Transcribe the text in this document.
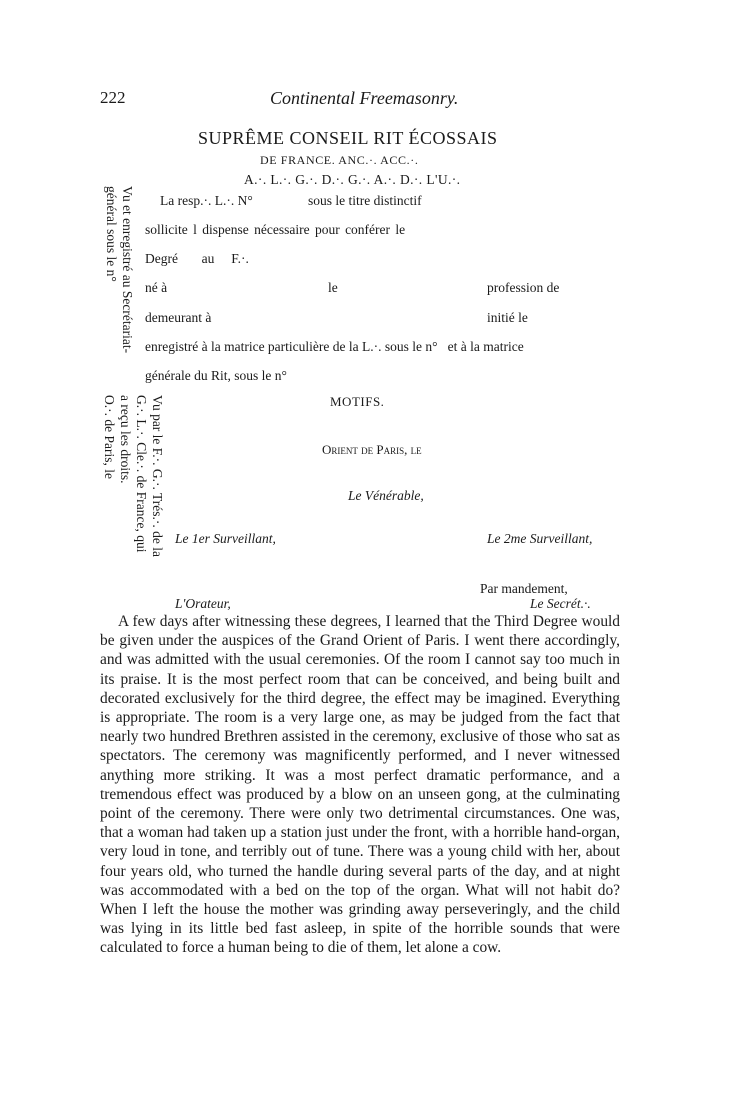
222	Continental Freemasonry.
SUPRÊME CONSEIL RIT ÉCOSSAIS
DE FRANCE. ANC.·. ACC.·.
A.·. L.·. G.·. D.·. G.·. A.·. D.·. L'U.·.
La resp.·. L.·. N°	sous le titre distinctif
sollicite l dispense nécessaire pour conférer le
Degré       au     F.·.
né à	le	profession de
demeurant à	initié le
enregistré à la matrice particulière de la L.·. sous le n°   et à la matrice
générale du Rit, sous le n°
MOTIFS.
Orient de Paris, le
Le Vénérable,
Le 1er Surveillant,	Le 2me Surveillant,
Par mandement,
L'Orateur,	Le Secrét.·.
Vu et enregistré au Secrétariat-
général sous le n°
Vu par le F.·. G.·. Trés.·. de la
G.·. L.·. Cle.·. de France, qui
a reçu les droits.
O.·. de Paris, le

A few days after witnessing these degrees, I learned that the Third Degree would be given under the auspices of the Grand Orient of Paris. I went there accordingly, and was admitted with the usual ceremonies. Of the room I cannot say too much in its praise. It is the most perfect room that can be conceived, and being built and decorated exclusively for the third degree, the effect may be imagined. Everything is appropriate. The room is a very large one, as may be judged from the fact that nearly two hundred Brethren assisted in the ceremony, exclusive of those who sat as spectators. The ceremony was magnificently performed, and I never witnessed anything more striking. It was a most perfect dramatic performance, and a tremendous effect was produced by a blow on an unseen gong, at the culminating point of the ceremony. There were only two detrimental circumstances. One was, that a woman had taken up a station just under the front, with a horrible hand-organ, very loud in tone, and terribly out of tune. There was a young child with her, about four years old, who turned the handle during several parts of the day, and at night was accommodated with a bed on the top of the organ. What will not habit do? When I left the house the mother was grinding away perseveringly, and the child was lying in its little bed fast asleep, in spite of the horrible sounds that were calculated to force a human being to die of them, let alone a cow.
